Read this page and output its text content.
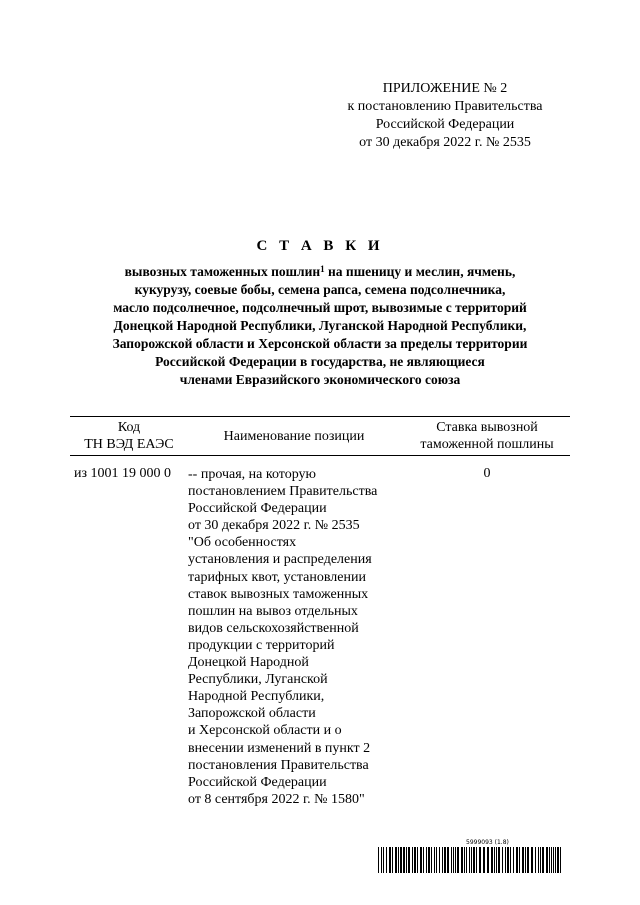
ПРИЛОЖЕНИЕ № 2
к постановлению Правительства
Российской Федерации
от 30 декабря 2022 г. № 2535
С Т А В К И
вывозных таможенных пошлин$^1$ на пшеницу и меслин, ячмень,
кукурузу, соевые бобы, семена рапса, семена подсолнечника,
масло подсолнечное, подсолнечный шрот, вывозимые с территорий
Донецкой Народной Республики, Луганской Народной Республики,
Запорожской области и Херсонской области за пределы территории
Российской Федерации в государства, не являющиеся
членами Евразийского экономического союза
Код
ТН ВЭД ЕАЭС
Наименование позиции
Ставка вывозной
таможенной пошлины
из 1001 19 000 0 -- прочая, на которую
постановлением Правительства
Российской Федерации
от 30 декабря 2022 г. № 2535
"Об особенностях
установления и распределения
тарифных квот, установлении
ставок вывозных таможенных
пошлин на вывоз отдельных
видов сельскохозяйственной
продукции с территорий
Донецкой Народной
Республики, Луганской
Народной Республики,
Запорожской области
и Херсонской области и о
внесении изменений в пункт 2
постановления Правительства
Российской Федерации
от 8 сентября 2022 г. № 1580"
0
5999093 (1.8)
